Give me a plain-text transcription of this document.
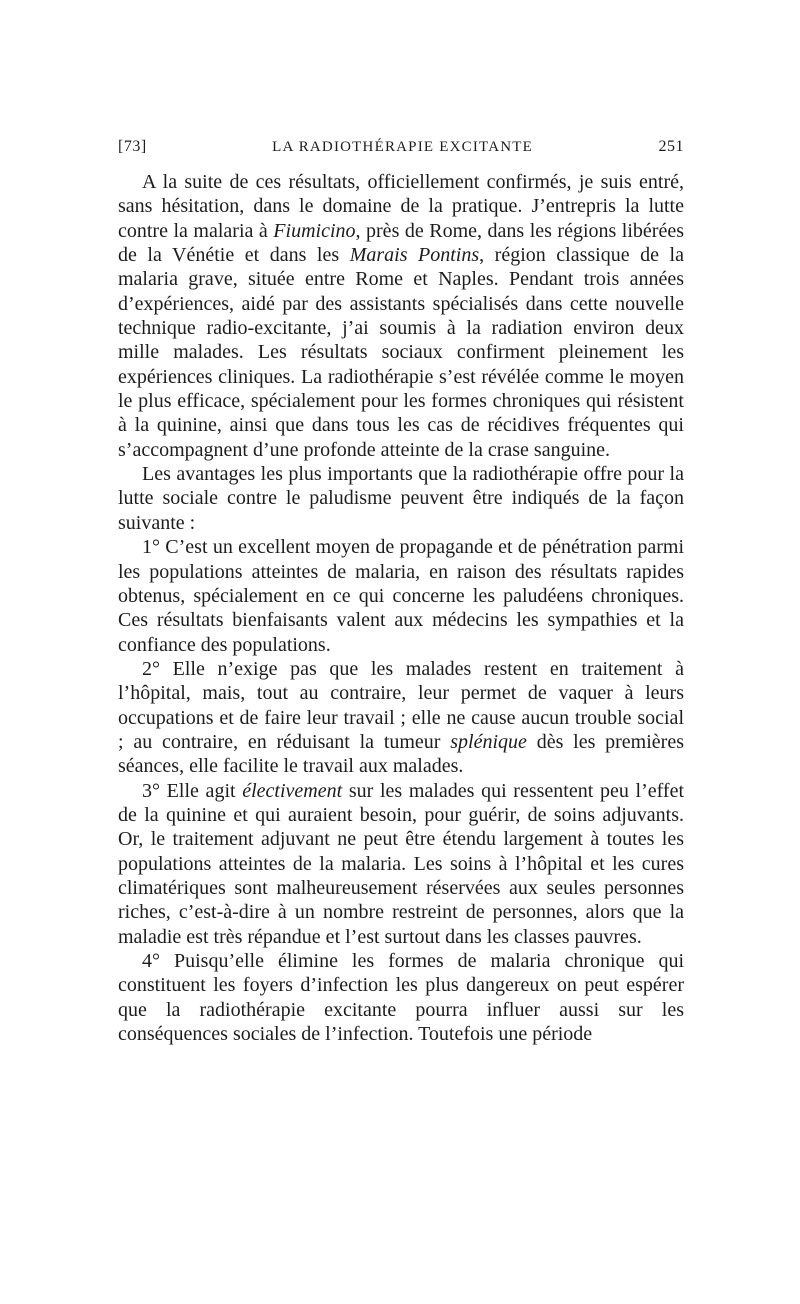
[73]	LA RADIOTHÉRAPIE EXCITANTE	251

A la suite de ces résultats, officiellement confirmés, je suis entré, sans hésitation, dans le domaine de la pratique. J’entrepris la lutte contre la malaria à Fiumicino, près de Rome, dans les régions libérées de la Vénétie et dans les Marais Pontins, région classique de la malaria grave, située entre Rome et Naples. Pendant trois années d’expériences, aidé par des assistants spécialisés dans cette nouvelle technique radio-excitante, j’ai soumis à la radiation environ deux mille malades. Les résultats sociaux confirment pleinement les expériences cliniques. La radiothérapie s’est révélée comme le moyen le plus efficace, spécialement pour les formes chroniques qui résistent à la quinine, ainsi que dans tous les cas de récidives fréquentes qui s’accompagnent d’une profonde atteinte de la crase sanguine.

Les avantages les plus importants que la radiothérapie offre pour la lutte sociale contre le paludisme peuvent être indiqués de la façon suivante :

1° C’est un excellent moyen de propagande et de pénétration parmi les populations atteintes de malaria, en raison des résultats rapides obtenus, spécialement en ce qui concerne les paludéens chroniques. Ces résultats bienfaisants valent aux médecins les sympathies et la confiance des populations.

2° Elle n’exige pas que les malades restent en traitement à l’hôpital, mais, tout au contraire, leur permet de vaquer à leurs occupations et de faire leur travail ; elle ne cause aucun trouble social ; au contraire, en réduisant la tumeur splénique dès les premières séances, elle facilite le travail aux malades.

3° Elle agit électivement sur les malades qui ressentent peu l’effet de la quinine et qui auraient besoin, pour guérir, de soins adjuvants. Or, le traitement adjuvant ne peut être étendu largement à toutes les populations atteintes de la malaria. Les soins à l’hôpital et les cures climatériques sont malheureusement réservées aux seules personnes riches, c’est-à-dire à un nombre restreint de personnes, alors que la maladie est très répandue et l’est surtout dans les classes pauvres.

4° Puisqu’elle élimine les formes de malaria chronique qui constituent les foyers d’infection les plus dangereux on peut espérer que la radiothérapie excitante pourra influer aussi sur les conséquences sociales de l’infection. Toutefois une période
